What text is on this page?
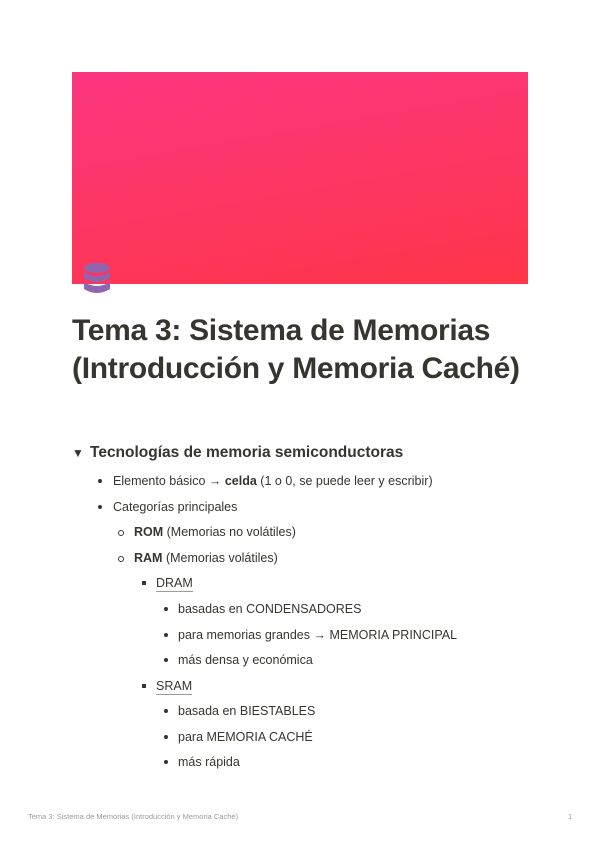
Tema 3: Sistema de Memorias (Introducción y Memoria Caché)
▼ Tecnologías de memoria semiconductoras
Elemento básico → celda (1 o 0, se puede leer y escribir)
Categorías principales
ROM (Memorias no volátiles)
RAM (Memorias volátiles)
DRAM
basadas en CONDENSADORES
para memorias grandes → MEMORIA PRINCIPAL
más densa y económica
SRAM
basada en BIESTABLES
para MEMORIA CACHÉ
más rápida
Tema 3: Sistema de Memorias (Introducción y Memoria Caché)	1
